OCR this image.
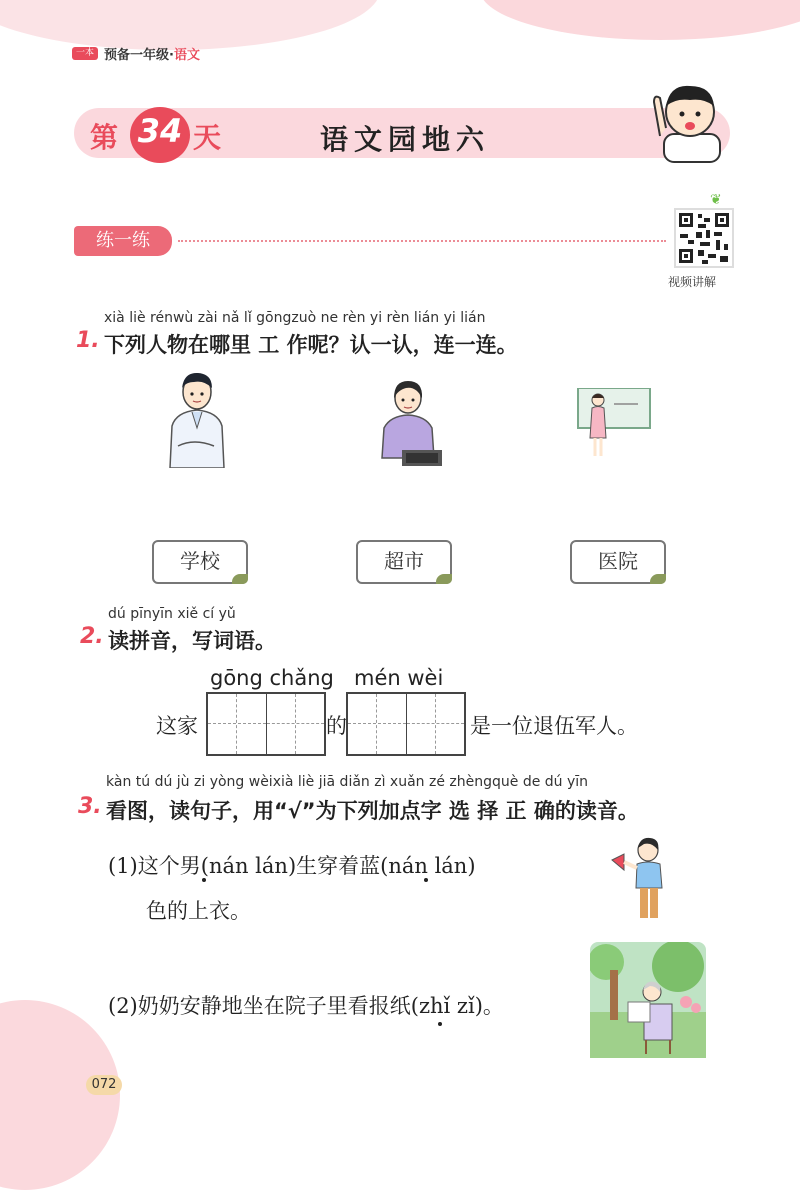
一本 预备一年级·语文
第 34 天	语文园地六
练一练
❦
视频讲解
xià liè rénwù zài nǎ lǐ gōngzuò ne rèn yi rèn lián yi lián
1. 下列人物在哪里 工 作呢？认一认，连一连。
学校	超市	医院
dú pīnyīn xiě cí yǔ
2. 读拼音，写词语。
gōng chǎng mén wèi
这家	的	是一位退伍军人。
kàn tú dú jù zi yòng wèixià liè jiā diǎn zì xuǎn zé zhèngquè de dú yīn
3. 看图，读句子，用“√”为下列加点字 选 择 正 确的读音。
(1)这个男(nán lán)生穿着蓝(nán lán)
色的上衣。
(2)奶奶安静地坐在院子里看报纸(zhǐ zǐ)。
072
